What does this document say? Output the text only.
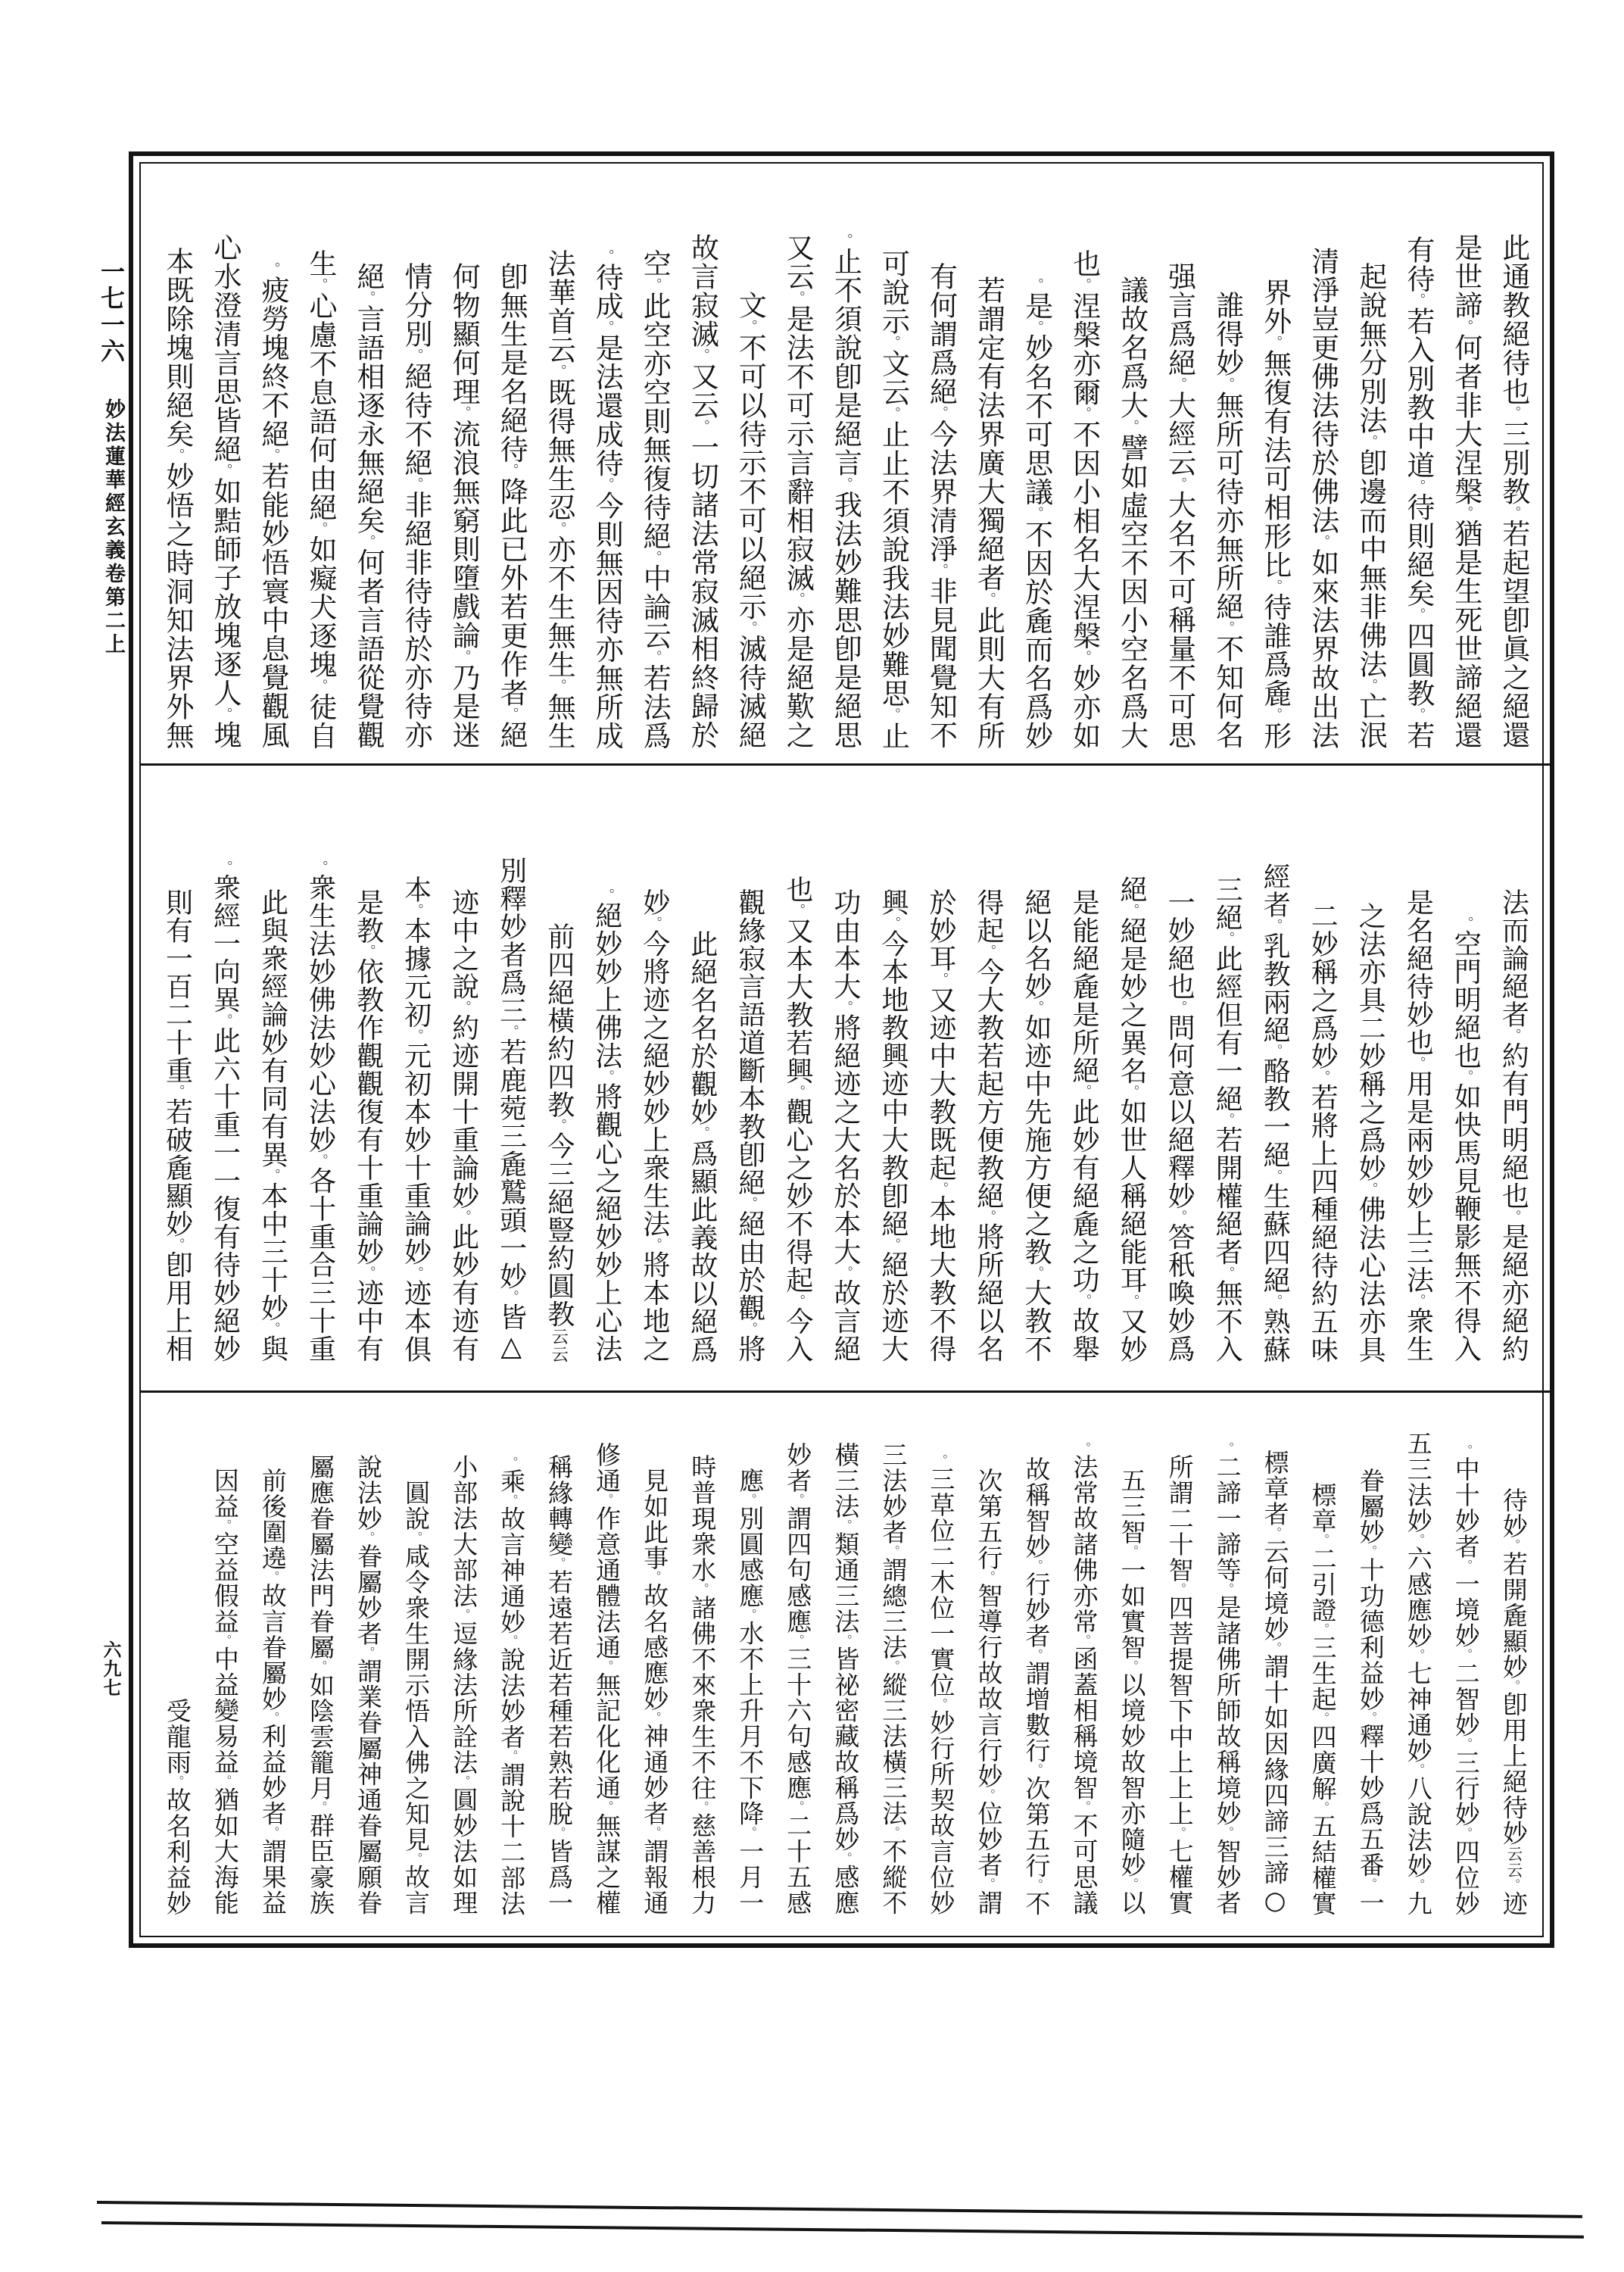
一七一六
妙法蓮華經玄義卷第二上
六九七
此通教絕待也。三別教。若起望卽眞之絕還
是世諦。何者非大涅槃。猶是生死世諦絕還
有待。若入別教中道。待則絕矣。四圓教。若
起說無分別法。卽邊而中無非佛法。亡泯
清淨豈更佛法待於佛法。如來法界故出法
界外。無復有法可相形比。待誰爲麁。形
誰得妙。無所可待亦無所絕。不知何名
强言爲絕。大經云。大名不可稱量不可思
議故名爲大。譬如虛空不因小空名爲大
也。涅槃亦爾。不因小相名大涅槃。妙亦如
是。妙名不可思議。不因於麁而名爲妙。
若謂定有法界廣大獨絕者。此則大有所
有何謂爲絕。今法界清淨。非見聞覺知不
可說示。文云。止止不須說我法妙難思。止
止不須說卽是絕言。我法妙難思卽是絕思。
又云。是法不可示言辭相寂滅。亦是絕歎之
文。不可以待示不可以絕示。滅待滅絕
故言寂滅。又云。一切諸法常寂滅相終歸於
空。此空亦空則無復待絕。中論云。若法爲
待成。是法還成待。今則無因待亦無所成。
法華首云。既得無生忍。亦不生無生。無生
卽無生是名絕待。降此已外若更作者。絕
何物顯何理。流浪無窮則墮戲論。乃是迷
情分別。絕待不絕。非絕非待待於亦待亦
絕。言語相逐永無絕矣。何者言語從覺觀
生。心慮不息語何由絕。如癡犬逐塊。徒自
疲勞塊終不絕。若能妙悟寰中息覺觀風。
心水澄清言思皆絕。如黠師子放塊逐人。塊
本既除塊則絕矣。妙悟之時洞知法界外無
法而論絕者。約有門明絕也。是絕亦絕約
空門明絕也。如快馬見鞭影無不得入。
是名絕待妙也。用是兩妙妙上三法。衆生
之法亦具二妙稱之爲妙。佛法心法亦具
二妙稱之爲妙。若將上四種絕待約五味
經者。乳教兩絕。酪教一絕。生蘇四絕。熟蘇
三絕。此經但有一絕。若開權絕者。無不入
一妙絕也。問何意以絕釋妙。答秖喚妙爲
絕。絕是妙之異名。如世人稱絕能耳。又妙
是能絕麁是所絕。此妙有絕麁之功。故舉
絕以名妙。如迹中先施方便之教。大教不
得起。今大教若起方便教絕。將所絕以名
於妙耳。又迹中大教既起。本地大教不得
興。今本地教興迹中大教卽絕。絕於迹大
功由本大。將絕迹之大名於本大。故言絕
也。又本大教若興。觀心之妙不得起。今入
觀緣寂言語道斷本教卽絕。絕由於觀。將
此絕名名於觀妙。爲顯此義故以絕爲
妙。今將迹之絕妙妙上衆生法。將本地之
絕妙妙上佛法。將觀心之絕妙妙上心法。
前四絕橫約四教。今三絕豎約圓教云云
△別釋妙者爲三。若鹿菀三麁鷲頭一妙。皆
迹中之說。約迹開十重論妙。此妙有迹有
本。本據元初。元初本妙十重論妙。迹本俱
是教。依教作觀觀復有十重論妙。迹中有
衆生法妙佛法妙心法妙。各十重合三十重。
此與衆經論妙有同有異。本中三十妙。與
衆經一向異。此六十重一一復有待妙絕妙。
則有一百二十重。若破麁顯妙。卽用上相
待妙。若開麁顯妙。卽用上絕待妙云云。迹
中十妙者。一境妙。二智妙。三行妙。四位妙。
五三法妙。六感應妙。七神通妙。八說法妙。九
眷屬妙。十功德利益妙。釋十妙爲五番。一
標章。二引證。三生起。四廣解。五結權實
○標章者。云何境妙。謂十如因緣四諦三諦
二諦一諦等。是諸佛所師故稱境妙。智妙者。
所謂二十智。四菩提智下中上上上。七權實
五三智。一如實智。以境妙故智亦隨妙。以
法常故諸佛亦常。函蓋相稱境智。不可思議。
故稱智妙。行妙者。謂增數行。次第五行。不
次第五行。智導行故故言行妙。位妙者。謂
三草位二木位一實位。妙行所契故言位妙。
三法妙者。謂總三法。縱三法橫三法。不縱不
橫三法。類通三法。皆祕密藏故稱爲妙。感應
妙者。謂四句感應。三十六句感應。二十五感
應。別圓感應。水不上升月不下降。一月一
時普現衆水。諸佛不來衆生不往。慈善根力
見如此事。故名感應妙。神通妙者。謂報通
修通。作意通體法通。無記化化通。無謀之權
稱緣轉變。若遠若近若種若熟若脫。皆爲一
乘。故言神通妙。說法妙者。謂說十二部法。
小部法大部法。逗緣法所詮法。圓妙法如理
圓說。咸令衆生開示悟入佛之知見。故言
說法妙。眷屬妙者。謂業眷屬神通眷屬願眷
屬應眷屬法門眷屬。如陰雲籠月。群臣豪族
前後圍遶。故言眷屬妙。利益妙者。謂果益
因益。空益假益。中益變易益。猶如大海能
受龍雨。故名利益妙
